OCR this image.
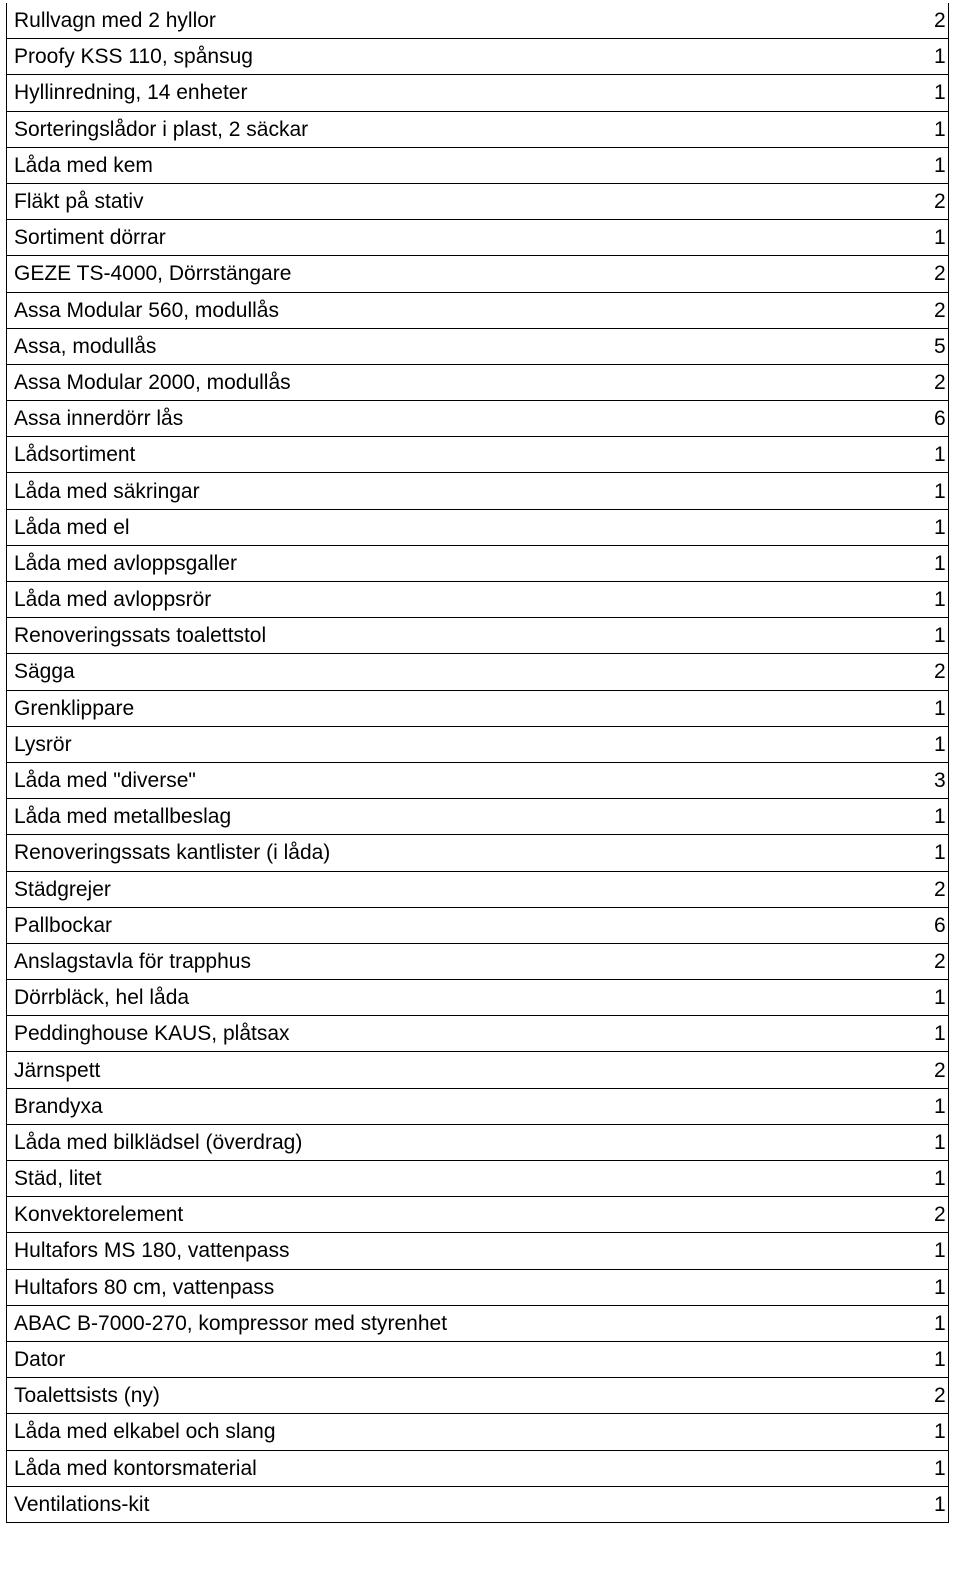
Rullvagn med 2 hyllor	2
Proofy KSS 110, spånsug	1
Hyllinredning, 14 enheter	1
Sorteringslådor i plast, 2 säckar	1
Låda med kem	1
Fläkt på stativ	2
Sortiment dörrar	1
GEZE TS-4000, Dörrstängare	2
Assa Modular 560, modullås	2
Assa, modullås	5
Assa Modular 2000, modullås	2
Assa innerdörr lås	6
Lådsortiment	1
Låda med säkringar	1
Låda med el	1
Låda med avloppsgaller	1
Låda med avloppsrör	1
Renoveringssats toalettstol	1
Sägga	2
Grenklippare	1
Lysrör	1
Låda med "diverse"	3
Låda med metallbeslag	1
Renoveringssats kantlister (i låda)	1
Städgrejer	2
Pallbockar	6
Anslagstavla för trapphus	2
Dörrbläck, hel låda	1
Peddinghouse KAUS, plåtsax	1
Järnspett	2
Brandyxa	1
Låda med bilklädsel (överdrag)	1
Städ, litet	1
Konvektorelement	2
Hultafors MS 180, vattenpass	1
Hultafors 80 cm, vattenpass	1
ABAC B-7000-270, kompressor med styrenhet	1
Dator	1
Toalettsists (ny)	2
Låda med elkabel och slang	1
Låda med kontorsmaterial	1
Ventilations-kit	1
